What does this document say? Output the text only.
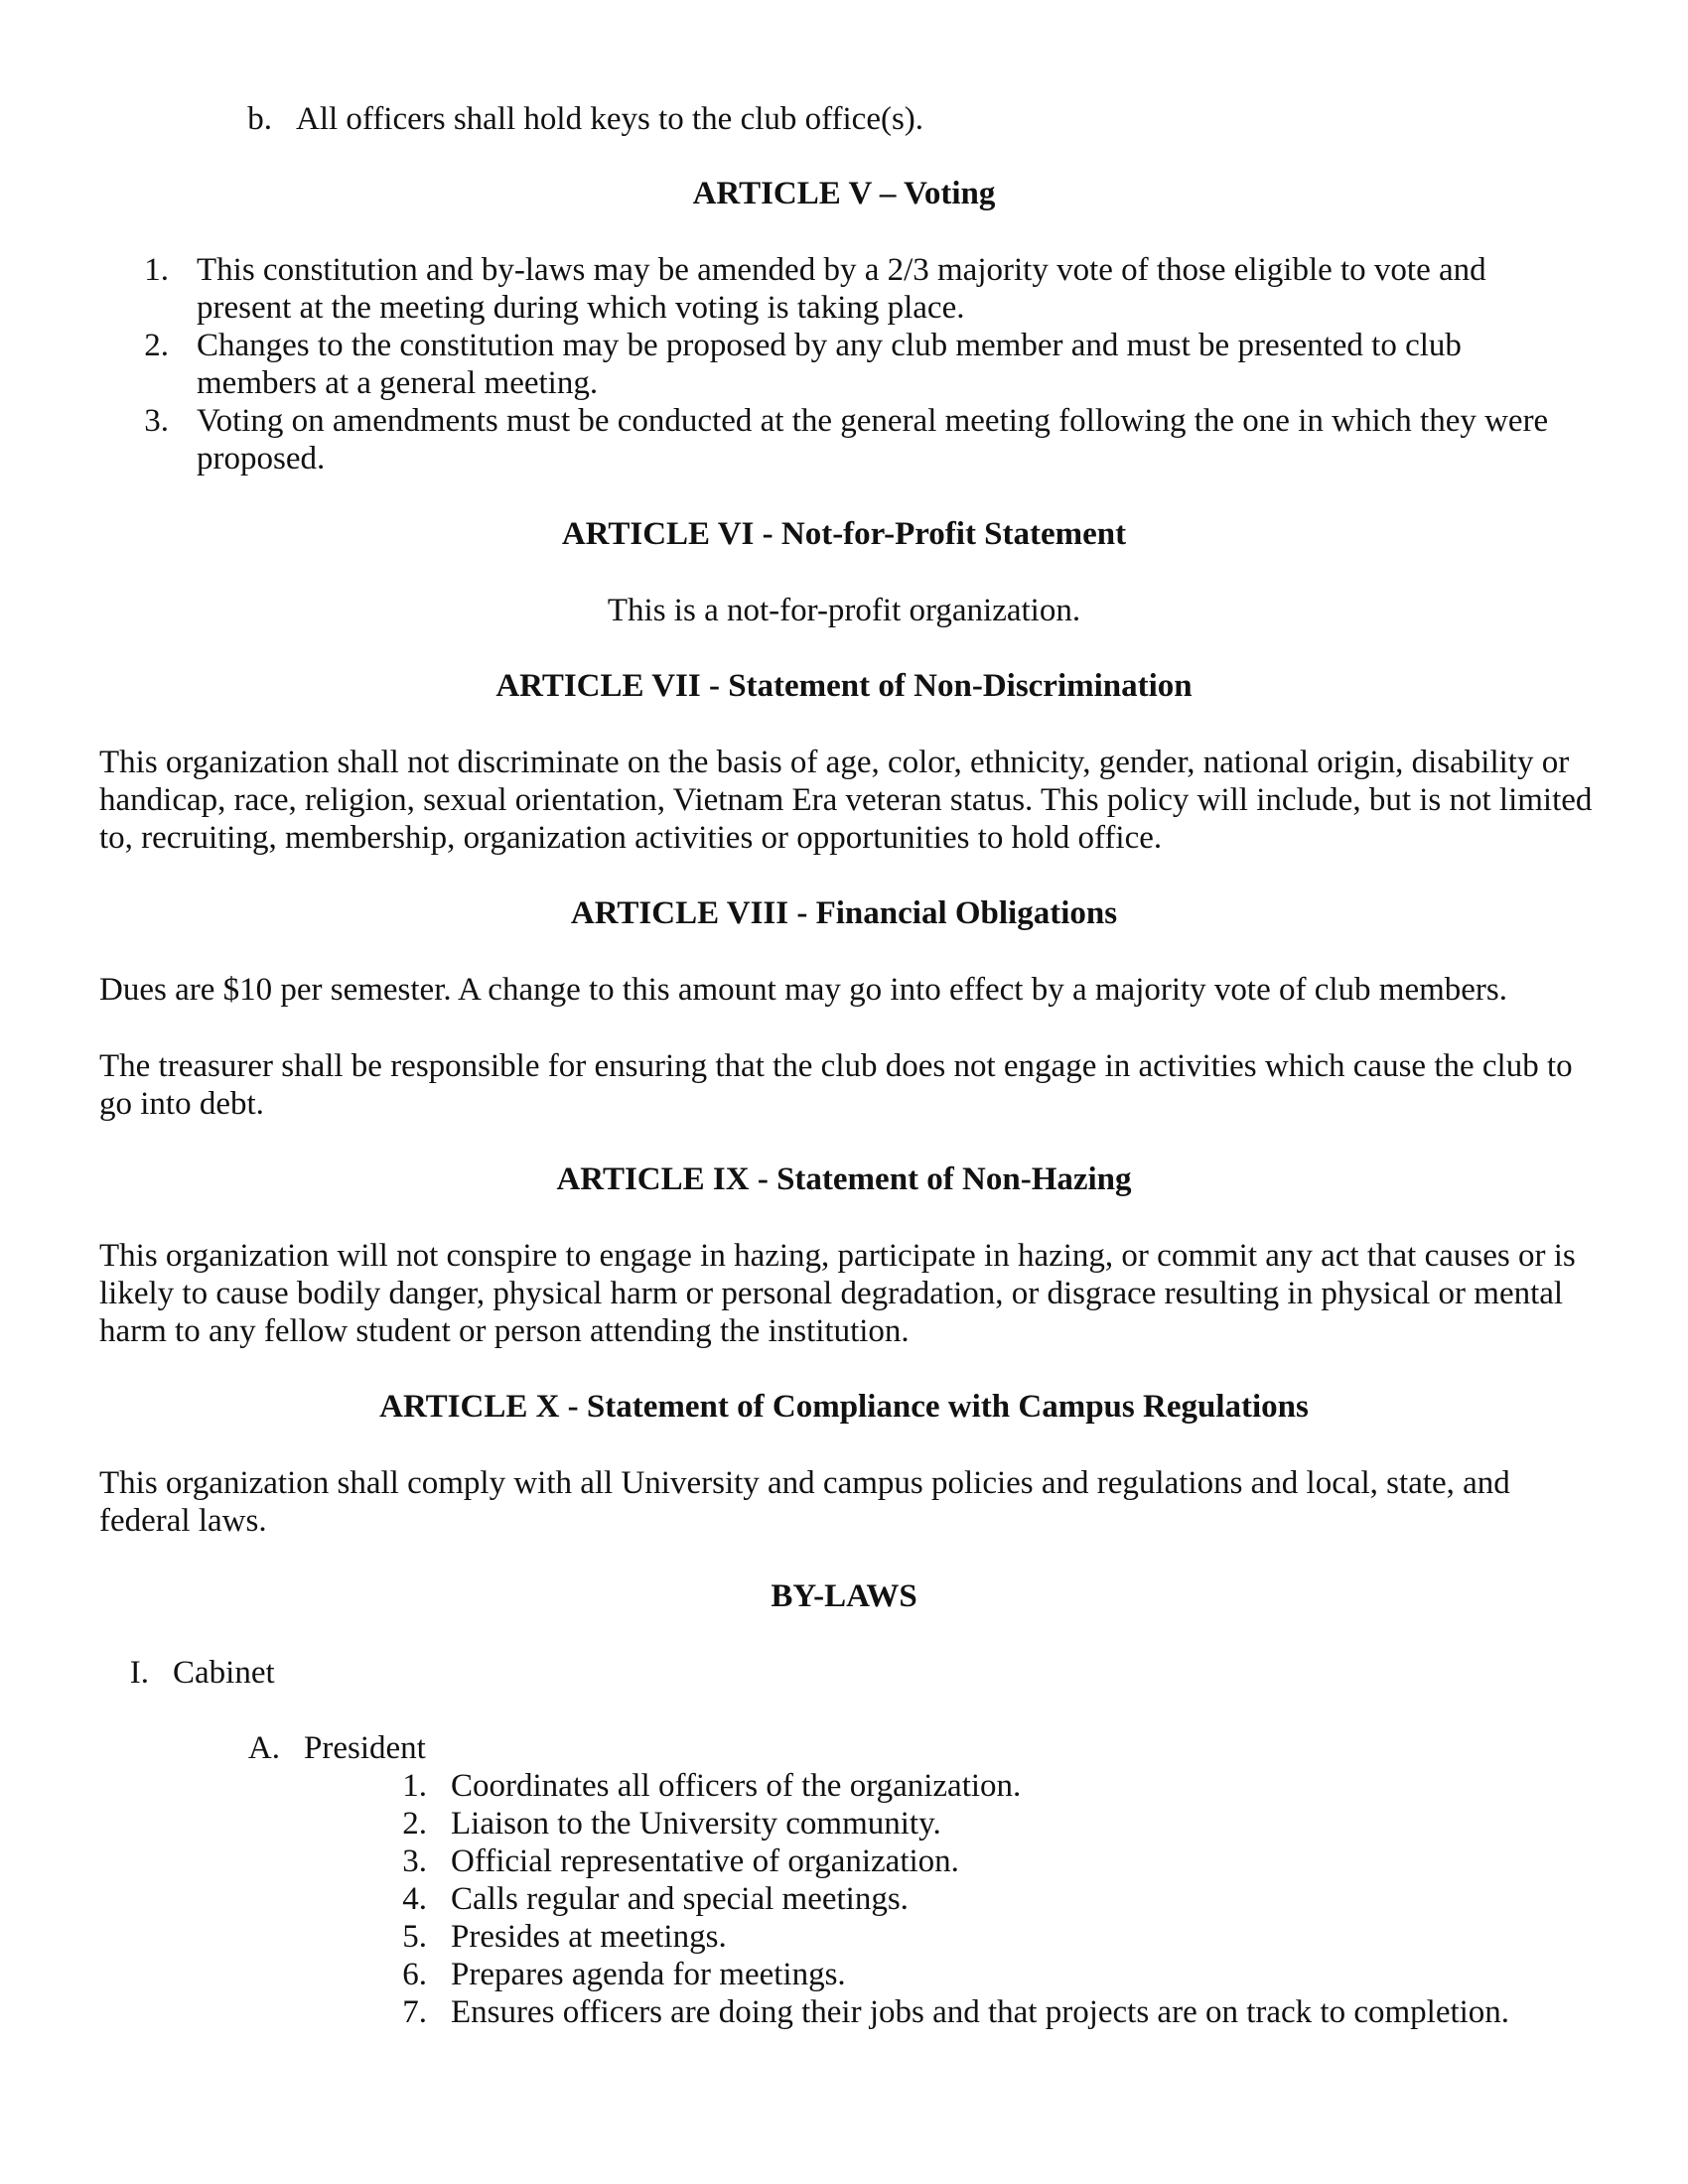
b. All officers shall hold keys to the club office(s).
ARTICLE V – Voting
1. This constitution and by-laws may be amended by a 2/3 majority vote of those eligible to vote and present at the meeting during which voting is taking place.
2. Changes to the constitution may be proposed by any club member and must be presented to club members at a general meeting.
3. Voting on amendments must be conducted at the general meeting following the one in which they were proposed.
ARTICLE VI - Not-for-Profit Statement
This is a not-for-profit organization.
ARTICLE VII - Statement of Non-Discrimination
This organization shall not discriminate on the basis of age, color, ethnicity, gender, national origin, disability or handicap, race, religion, sexual orientation, Vietnam Era veteran status. This policy will include, but is not limited to, recruiting, membership, organization activities or opportunities to hold office.
ARTICLE VIII - Financial Obligations
Dues are $10 per semester. A change to this amount may go into effect by a majority vote of club members.
The treasurer shall be responsible for ensuring that the club does not engage in activities which cause the club to go into debt.
ARTICLE IX - Statement of Non-Hazing
This organization will not conspire to engage in hazing, participate in hazing, or commit any act that causes or is likely to cause bodily danger, physical harm or personal degradation, or disgrace resulting in physical or mental harm to any fellow student or person attending the institution.
ARTICLE X - Statement of Compliance with Campus Regulations
This organization shall comply with all University and campus policies and regulations and local, state, and federal laws.
BY-LAWS
I. Cabinet
A. President
1. Coordinates all officers of the organization.
2. Liaison to the University community.
3. Official representative of organization.
4. Calls regular and special meetings.
5. Presides at meetings.
6. Prepares agenda for meetings.
7. Ensures officers are doing their jobs and that projects are on track to completion.
